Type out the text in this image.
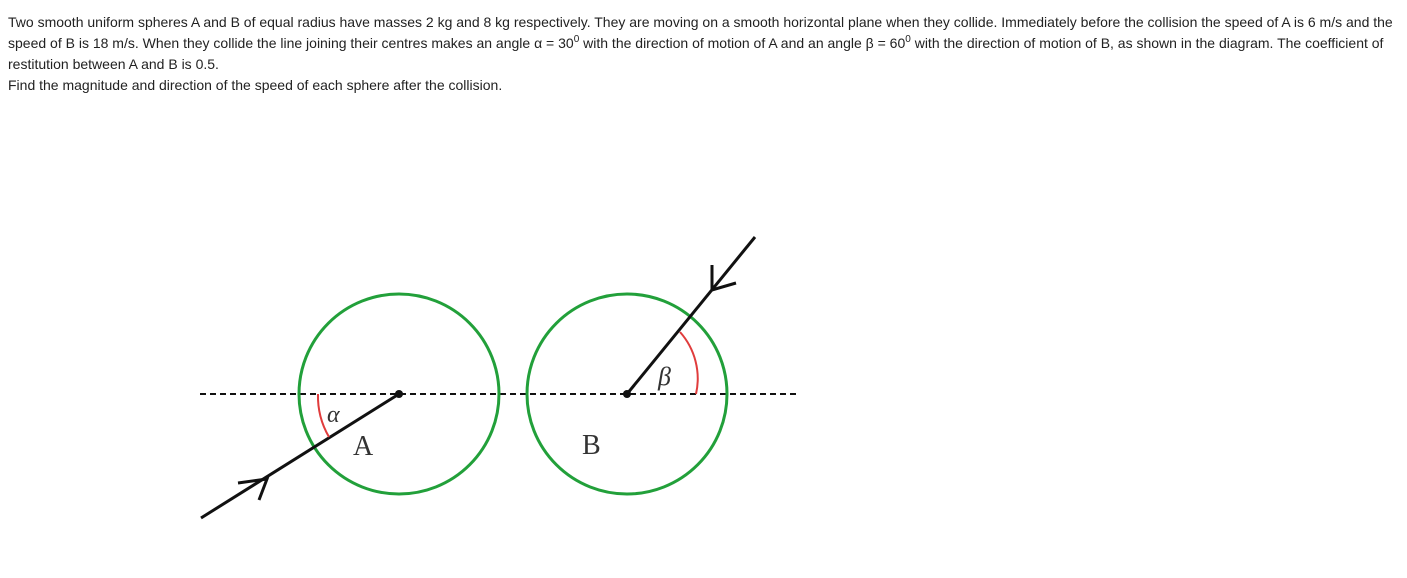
Two smooth uniform spheres A and B of equal radius have masses 2 kg and 8 kg respectively. They are moving on a smooth horizontal plane when they collide. Immediately before the collision the speed of A is 6 m/s and the speed of B is 18 m/s. When they collide the line joining their centres makes an angle $\alpha = 30^0$ with the direction of motion of A and an angle $\beta = 60^0$ with the direction of motion of B, as shown in the diagram. The coefficient of restitution between A and B is 0.5.

Find the magnitude and direction of the speed of each sphere after the collision.

α
β
A	B
